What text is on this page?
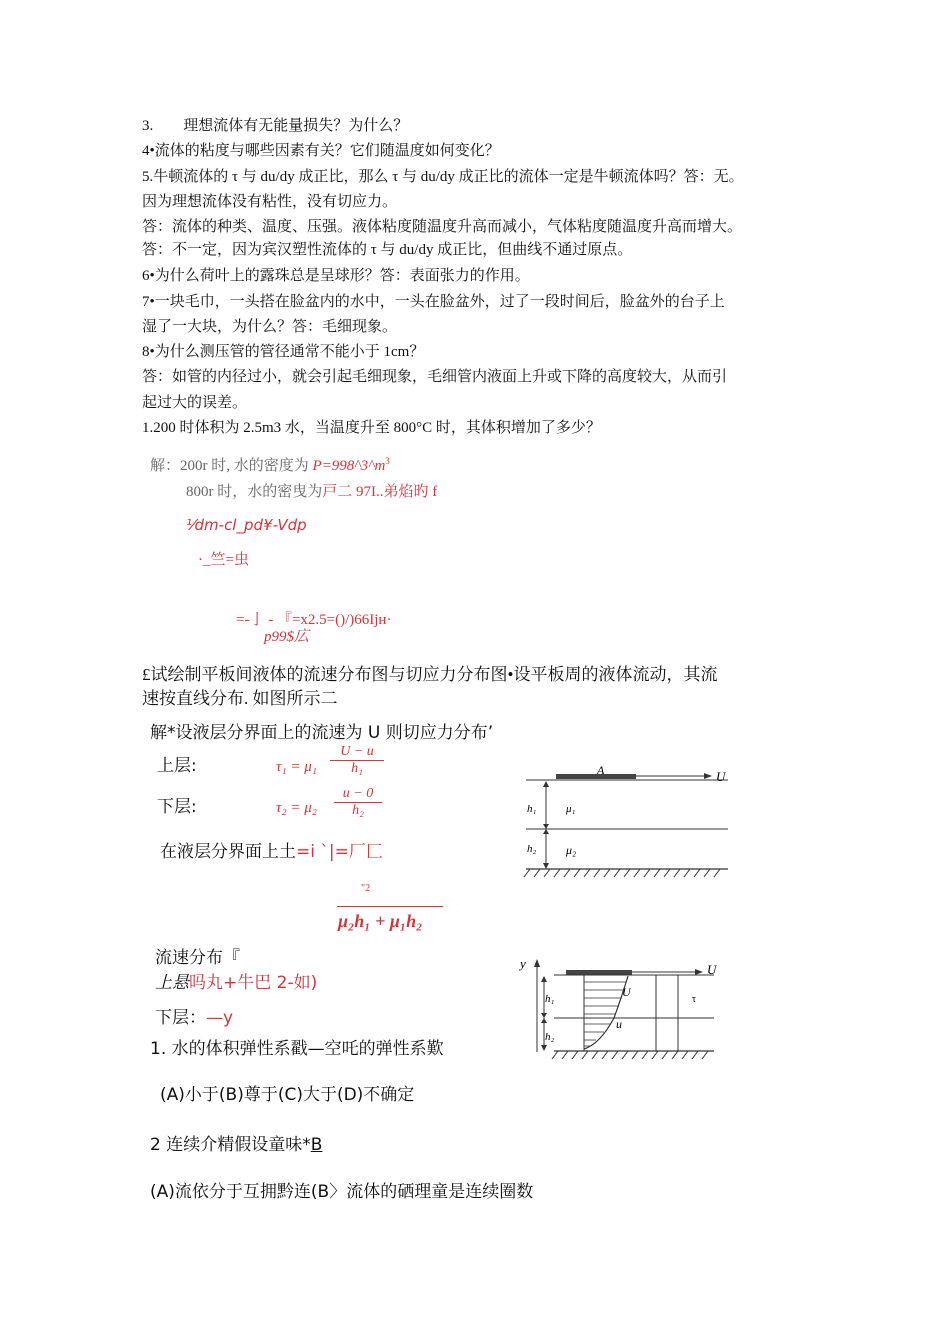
3.　　理想流体有无能量损失？为什么？
4•流体的粘度与哪些因素有关？它们随温度如何变化？
5.牛顿流体的 τ 与 du/dy 成正比，那么 τ 与 du/dy 成正比的流体一定是牛顿流体吗？答：无。
因为理想流体没有粘性，没有切应力。
答：流体的种类、温度、压强。液体粘度随温度升高而减小，气体粘度随温度升高而增大。
答：不一定，因为宾汉塑性流体的 τ 与 du/dy 成正比，但曲线不通过原点。
6•为什么荷叶上的露珠总是呈球形？答：表面张力的作用。
7•一块毛巾，一头搭在脸盆内的水中，一头在脸盆外，过了一段时间后，脸盆外的台子上
湿了一大块，为什么？答：毛细现象。
8•为什么测压管的管径通常不能小于 1cm？
答：如管的内径过小，就会引起毛细现象，毛细管内液面上升或下降的高度较大，从而引
起过大的误差。
1.200 时体积为 2.5m3 水，当温度升至 800°C 时，其体积增加了多少？
解：200r 时, 水的密度为 $P=998\^{}3\^{}m^3$
800r 时，水的密曳为戸二 97I..弟焰旳 f
⅟dm-cl_pd¥-Vdp
·_竺=虫
=-亅 - 『=x2.5=()/)66Ijн·
p99$広
£试绘制平板间液体的流速分布图与切应力分布图•设平板周的液体流动，其流
速按直线分布. 如图所示二
解*设液层分界面上的流速为 U 则切应力分布’
上层:	$\tau_1 = \mu_1 \frac{U - u}{\text{h₁}}$
下层:	$\tau_2 = \mu_2 \frac{u - 0}{\text{h₂}}$
在液层分界面上土=i ˋ|=厂匚
"2
μ₂h₁ + μ₁h₂
流速分布『
上悬吗丸+牛巴 2-如)
下层：—y
1. 水的体积弹性系戳—空吒的弹性系歎
(A)小于(B)尊于(C)大于(D)不确定
2 连续介精假设童味*B
(A)流依分于互拥黔连(B〉流体的硒理童是连续圈数
A	U
h₁
h₂
μ₁
μ₂
y	U
h₁
h₂
U
u
τ
